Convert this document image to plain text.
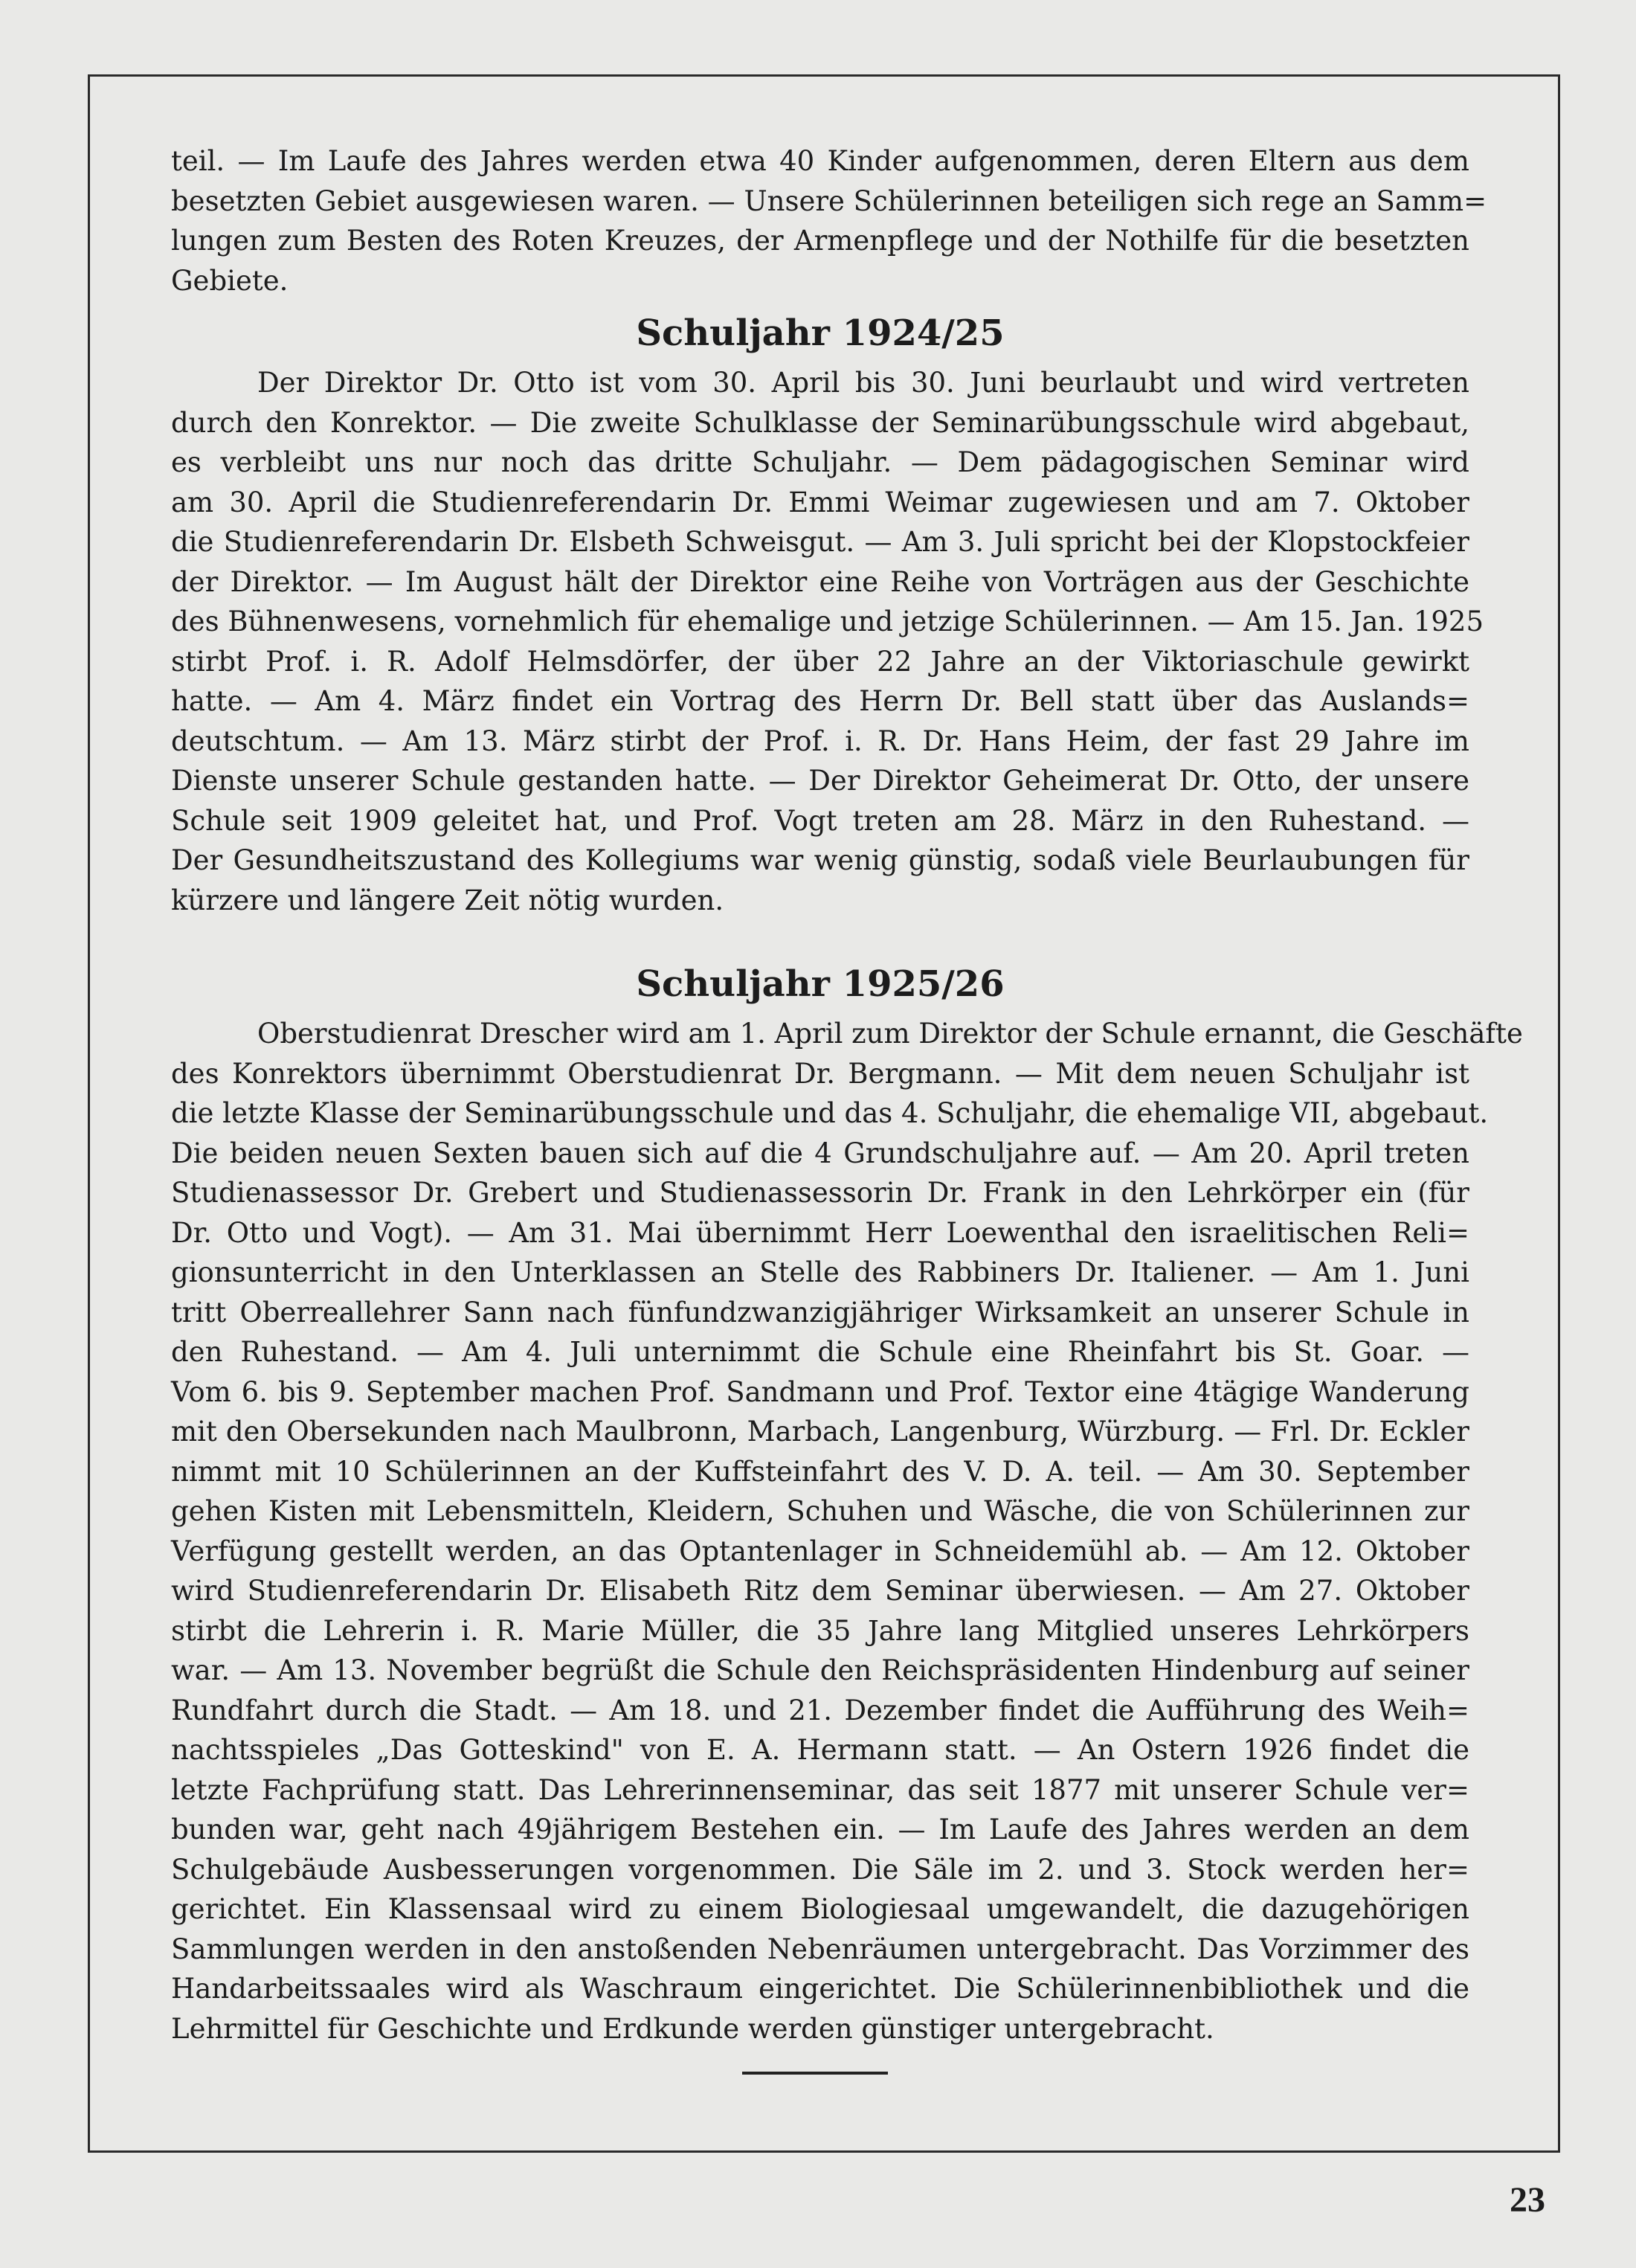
teil. — Im Laufe des Jahres werden etwa 40 Kinder aufgenommen, deren Eltern aus dem
besetzten Gebiet ausgewiesen waren. — Unsere Schülerinnen beteiligen sich rege an Samm=
lungen zum Besten des Roten Kreuzes, der Armenpflege und der Nothilfe für die besetzten
Gebiete.
Schuljahr 1924/25
Der Direktor Dr. Otto ist vom 30. April bis 30. Juni beurlaubt und wird vertreten
durch den Konrektor. — Die zweite Schulklasse der Seminarübungsschule wird abgebaut,
es verbleibt uns nur noch das dritte Schuljahr. — Dem pädagogischen Seminar wird
am 30. April die Studienreferendarin Dr. Emmi Weimar zugewiesen und am 7. Oktober
die Studienreferendarin Dr. Elsbeth Schweisgut. — Am 3. Juli spricht bei der Klopstockfeier
der Direktor. — Im August hält der Direktor eine Reihe von Vorträgen aus der Geschichte
des Bühnenwesens, vornehmlich für ehemalige und jetzige Schülerinnen. — Am 15. Jan. 1925
stirbt Prof. i. R. Adolf Helmsdörfer, der über 22 Jahre an der Viktoriaschule gewirkt
hatte. — Am 4. März findet ein Vortrag des Herrn Dr. Bell statt über das Auslands=
deutschtum. — Am 13. März stirbt der Prof. i. R. Dr. Hans Heim, der fast 29 Jahre im
Dienste unserer Schule gestanden hatte. — Der Direktor Geheimerat Dr. Otto, der unsere
Schule seit 1909 geleitet hat, und Prof. Vogt treten am 28. März in den Ruhestand. —
Der Gesundheitszustand des Kollegiums war wenig günstig, sodaß viele Beurlaubungen für
kürzere und längere Zeit nötig wurden.
Schuljahr 1925/26
Oberstudienrat Drescher wird am 1. April zum Direktor der Schule ernannt, die Geschäfte
des Konrektors übernimmt Oberstudienrat Dr. Bergmann. — Mit dem neuen Schuljahr ist
die letzte Klasse der Seminarübungsschule und das 4. Schuljahr, die ehemalige VII, abgebaut.
Die beiden neuen Sexten bauen sich auf die 4 Grundschuljahre auf. — Am 20. April treten
Studienassessor Dr. Grebert und Studienassessorin Dr. Frank in den Lehrkörper ein (für
Dr. Otto und Vogt). — Am 31. Mai übernimmt Herr Loewenthal den israelitischen Reli=
gionsunterricht in den Unterklassen an Stelle des Rabbiners Dr. Italiener. — Am 1. Juni
tritt Oberreallehrer Sann nach fünfundzwanzigjähriger Wirksamkeit an unserer Schule in
den Ruhestand. — Am 4. Juli unternimmt die Schule eine Rheinfahrt bis St. Goar. —
Vom 6. bis 9. September machen Prof. Sandmann und Prof. Textor eine 4tägige Wanderung
mit den Obersekunden nach Maulbronn, Marbach, Langenburg, Würzburg. — Frl. Dr. Eckler
nimmt mit 10 Schülerinnen an der Kuffsteinfahrt des V. D. A. teil. — Am 30. September
gehen Kisten mit Lebensmitteln, Kleidern, Schuhen und Wäsche, die von Schülerinnen zur
Verfügung gestellt werden, an das Optantenlager in Schneidemühl ab. — Am 12. Oktober
wird Studienreferendarin Dr. Elisabeth Ritz dem Seminar überwiesen. — Am 27. Oktober
stirbt die Lehrerin i. R. Marie Müller, die 35 Jahre lang Mitglied unseres Lehrkörpers
war. — Am 13. November begrüßt die Schule den Reichspräsidenten Hindenburg auf seiner
Rundfahrt durch die Stadt. — Am 18. und 21. Dezember findet die Aufführung des Weih=
nachtsspieles „Das Gotteskind" von E. A. Hermann statt. — An Ostern 1926 findet die
letzte Fachprüfung statt. Das Lehrerinnenseminar, das seit 1877 mit unserer Schule ver=
bunden war, geht nach 49jährigem Bestehen ein. — Im Laufe des Jahres werden an dem
Schulgebäude Ausbesserungen vorgenommen. Die Säle im 2. und 3. Stock werden her=
gerichtet. Ein Klassensaal wird zu einem Biologiesaal umgewandelt, die dazugehörigen
Sammlungen werden in den anstoßenden Nebenräumen untergebracht. Das Vorzimmer des
Handarbeitssaales wird als Waschraum eingerichtet. Die Schülerinnenbibliothek und die
Lehrmittel für Geschichte und Erdkunde werden günstiger untergebracht.
23
